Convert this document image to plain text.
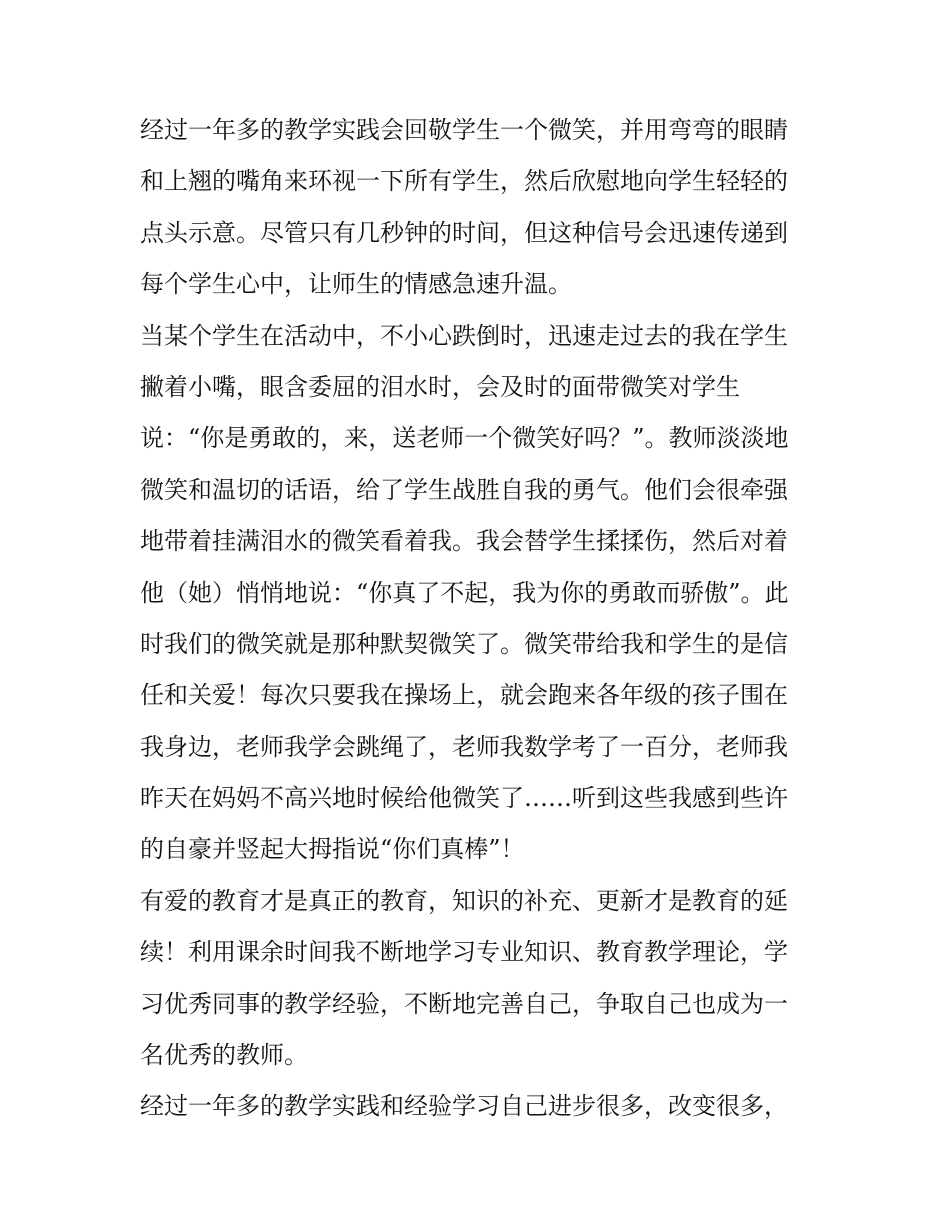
经过一年多的教学实践会回敬学生一个微笑，并用弯弯的眼睛
和上翘的嘴角来环视一下所有学生，然后欣慰地向学生轻轻的
点头示意。尽管只有几秒钟的时间，但这种信号会迅速传递到
每个学生心中，让师生的情感急速升温。
当某个学生在活动中，不小心跌倒时，迅速走过去的我在学生
撇着小嘴，眼含委屈的泪水时，会及时的面带微笑对学生
说：“你是勇敢的，来，送老师一个微笑好吗？”。教师淡淡地
微笑和温切的话语，给了学生战胜自我的勇气。他们会很牵强
地带着挂满泪水的微笑看着我。我会替学生揉揉伤，然后对着
他（她）悄悄地说：“你真了不起，我为你的勇敢而骄傲”。此
时我们的微笑就是那种默契微笑了。微笑带给我和学生的是信
任和关爱！每次只要我在操场上，就会跑来各年级的孩子围在
我身边，老师我学会跳绳了，老师我数学考了一百分，老师我
昨天在妈妈不高兴地时候给他微笑了……听到这些我感到些许
的自豪并竖起大拇指说“你们真棒”！
有爱的教育才是真正的教育，知识的补充、更新才是教育的延
续！利用课余时间我不断地学习专业知识、教育教学理论，学
习优秀同事的教学经验，不断地完善自己，争取自己也成为一
名优秀的教师。
经过一年多的教学实践和经验学习自己进步很多，改变很多，
